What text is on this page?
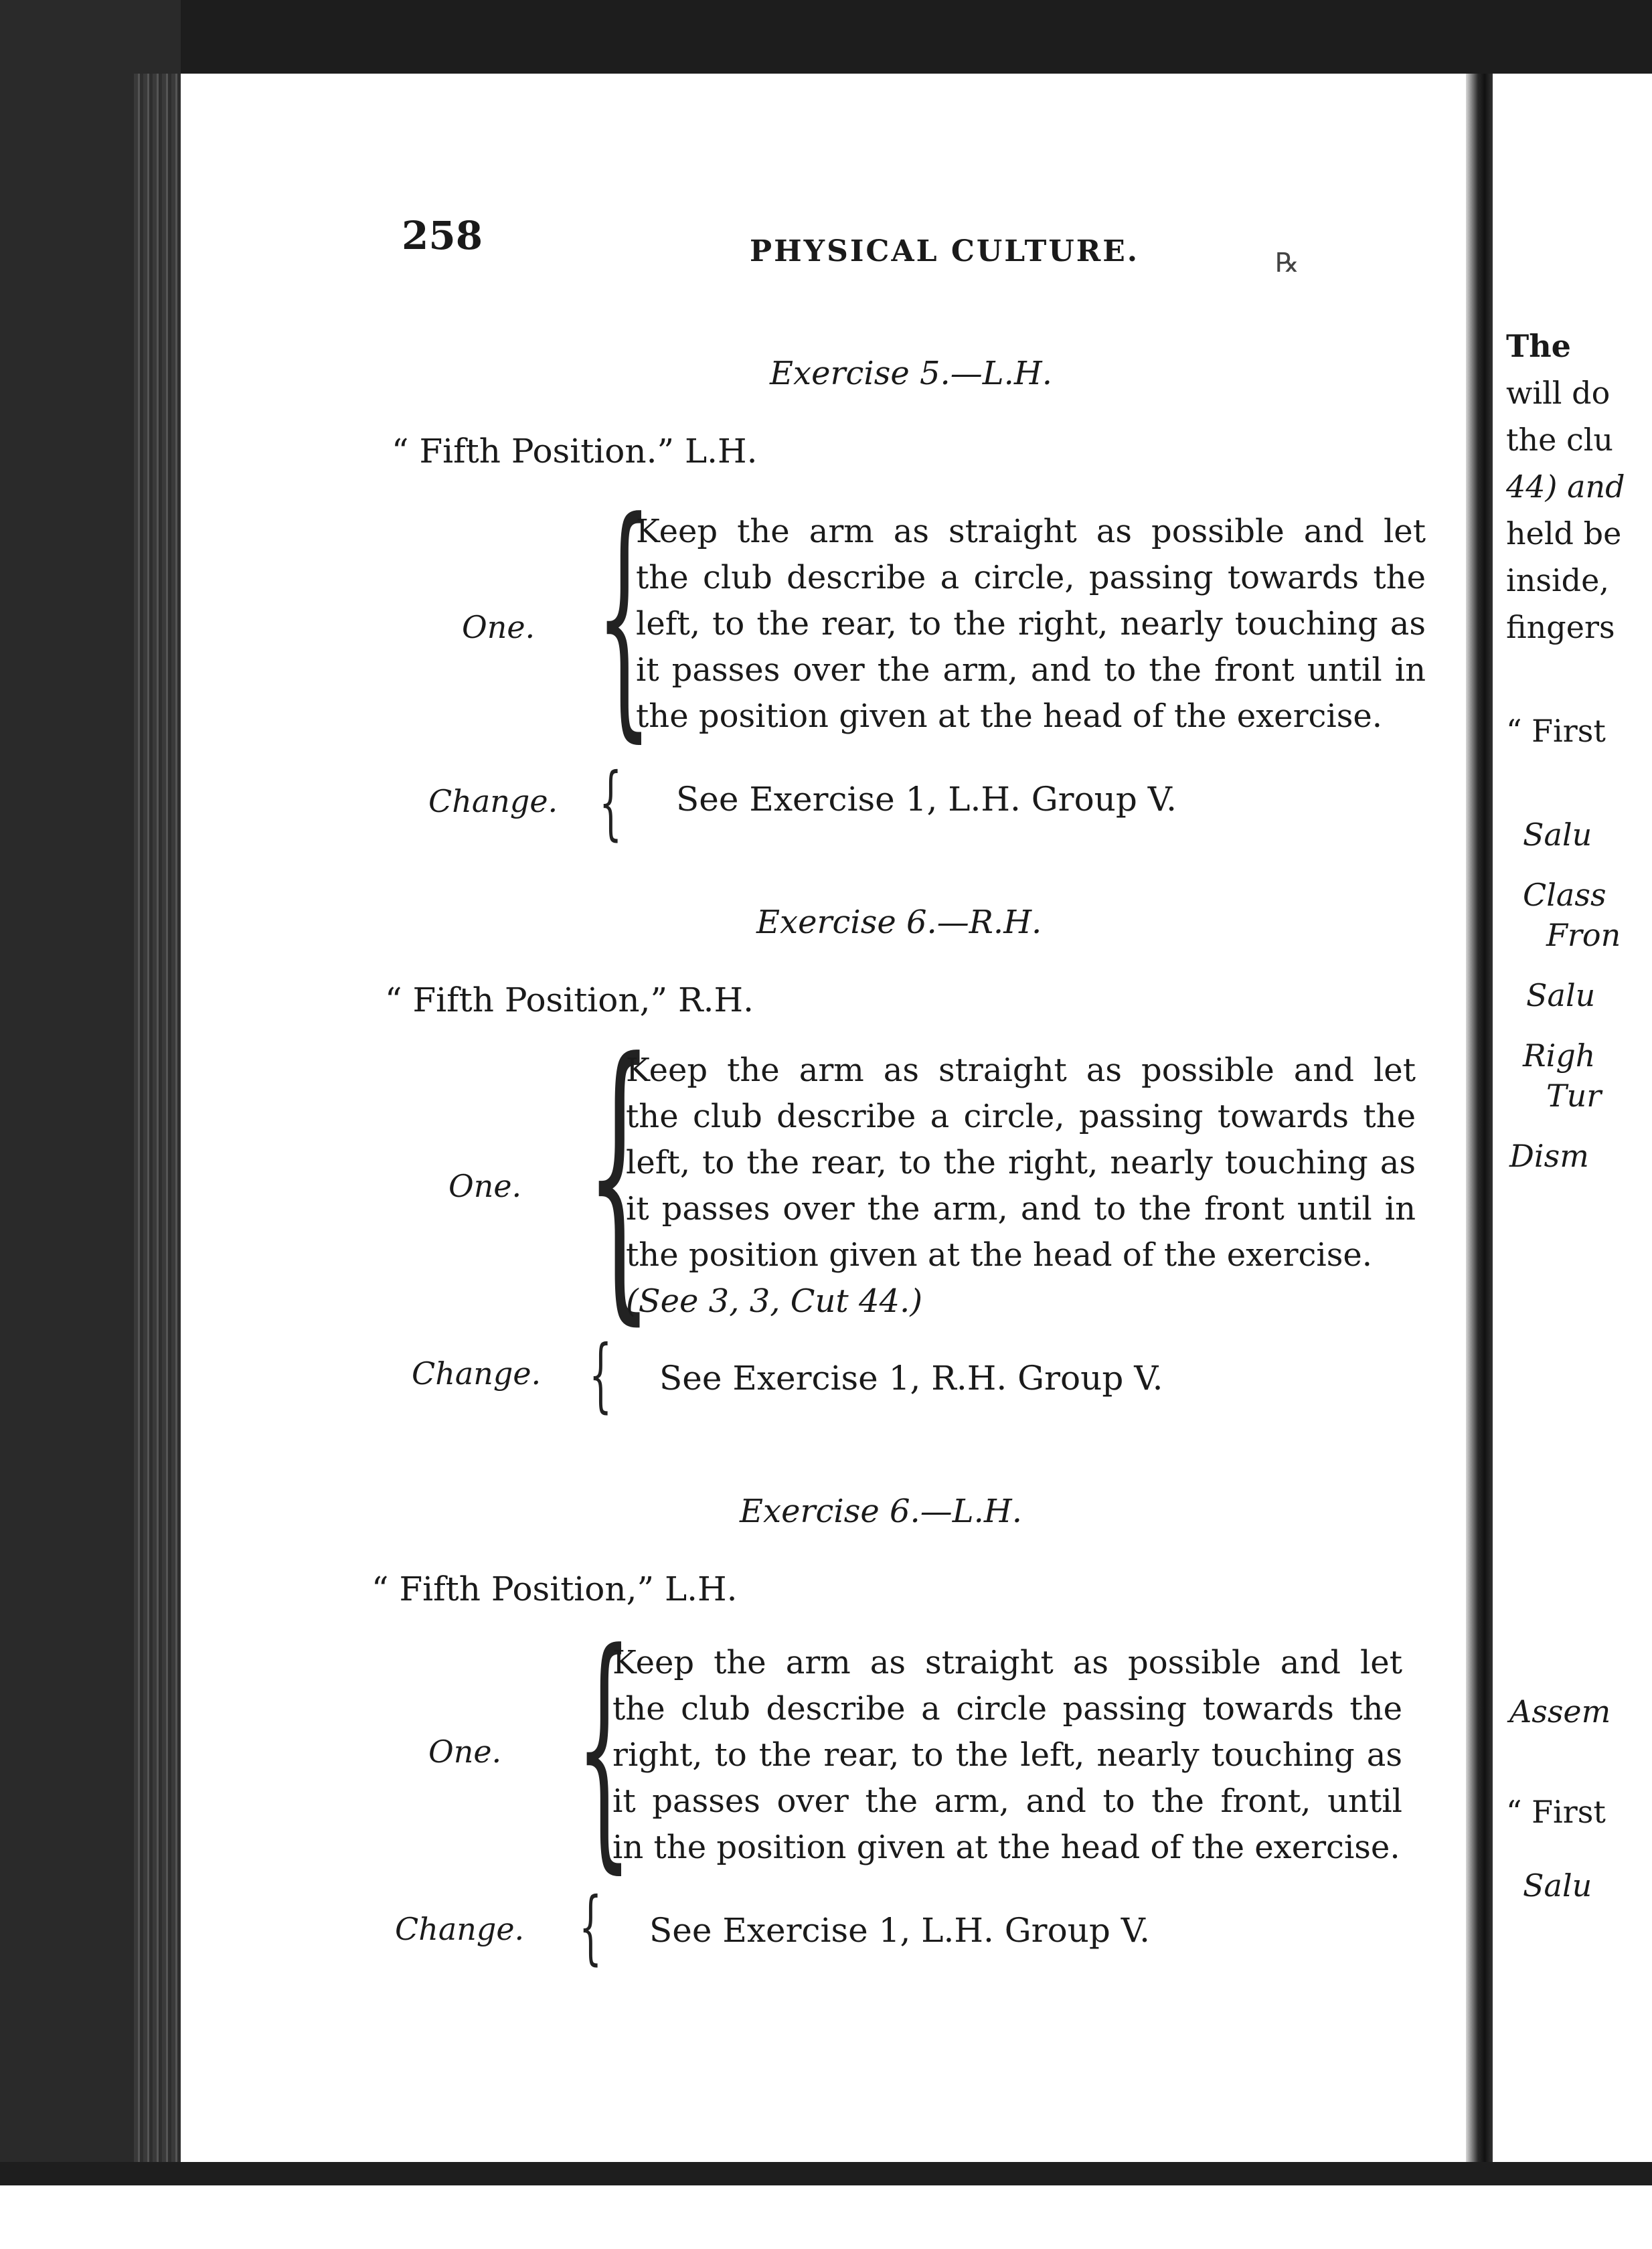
258	PHYSICAL CULTURE.	℞
Exercise 5.—L.H.
“ Fifth Position.” L.H.
One. {
Keep the arm as straight as possible and let
the club describe a circle, passing towards the
left, to the rear, to the right, nearly touching as
it passes over the arm, and to the front until in
the position given at the head of the exercise.
Change. { See Exercise 1, L.H. Group V.
Exercise 6.—R.H.
“ Fifth Position,” R.H.
One. {
Keep the arm as straight as possible and let
the club describe a circle, passing towards the
left, to the rear, to the right, nearly touching as
it passes over the arm, and to the front until in
the position given at the head of the exercise.
(See 3, 3, Cut 44.)
Change. { See Exercise 1, R.H. Group V.
Exercise 6.—L.H.
“ Fifth Position,” L.H.
One. {
Keep the arm as straight as possible and let
the club describe a circle passing towards the
right, to the rear, to the left, nearly touching as
it passes over the arm, and to the front, until
in the position given at the head of the exercise.
Change. { See Exercise 1, L.H. Group V.
The
will do
the clu
44) and
held be
inside,
fingers
“ First
Salu
Class
Fron
Salu
Righ
Tur
Dism
Assem
“ First
Salu
